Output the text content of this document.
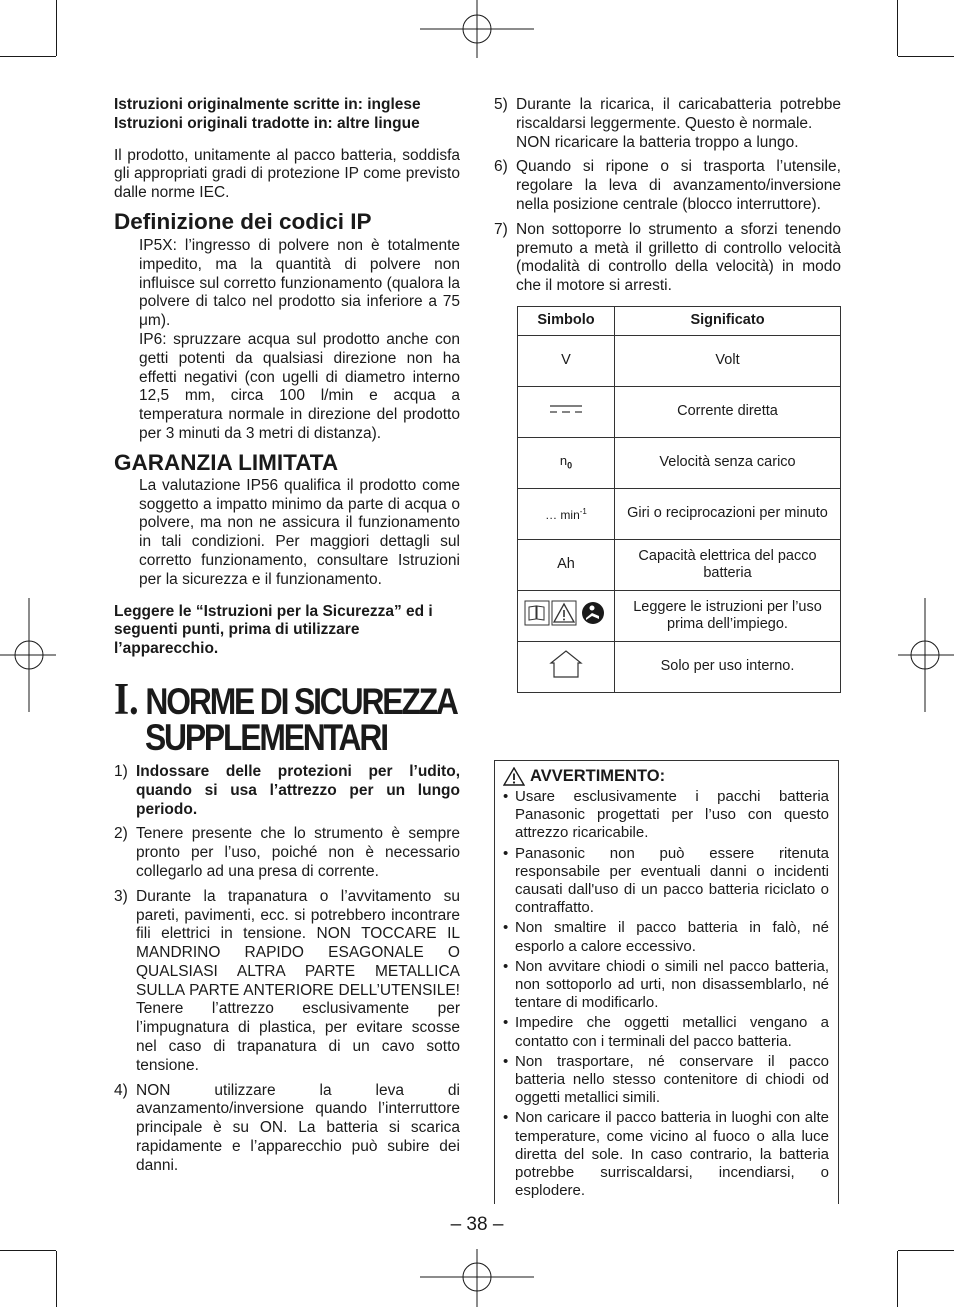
Istruzioni originalmente scritte in: inglese

Istruzioni originali tradotte in: altre lingue

Il prodotto, unitamente al pacco batteria, soddisfa gli appropriati gradi di protezione IP come previsto dalle norme IEC.

Definizione dei codici IP

IP5X: l’ingresso di polvere non è totalmente impedito, ma la quantità di polvere non influisce sul corretto funzionamento (qualora la polvere di talco nel prodotto sia inferiore a 75 μm).

IP6: spruzzare acqua sul prodotto anche con getti potenti da qualsiasi direzione non ha effetti negativi (con ugelli di diametro interno 12,5 mm, circa 100 l/min e acqua a temperatura normale in direzione del prodotto per 3 minuti da 3 metri di distanza).

GARANZIA LIMITATA

La valutazione IP56 qualifica il prodotto come soggetto a impatto minimo da parte di acqua o polvere, ma non ne assicura il funzionamento in tali condizioni. Per maggiori dettagli sul corretto funzionamento, consultare Istruzioni per la sicurezza e il funzionamento.

Leggere le “Istruzioni per la Sicurezza” ed i seguenti punti, prima di utilizzare l’apparecchio.

I. NORME DI SICUREZZA
SUPPLEMENTARI
1) Indossare delle protezioni per l’udito, quando si usa l’attrezzo per un lungo periodo.
2) Tenere presente che lo strumento è sempre pronto per l’uso, poiché non è necessario collegarlo ad una presa di corrente.
3) Durante la trapanatura o l’avvitamento su pareti, pavimenti, ecc. si potrebbero incontrare fili elettrici in tensione. NON TOCCARE IL MANDRINO RAPIDO ESAGONALE O QUALSIASI ALTRA PARTE METALLICA SULLA PARTE ANTERIORE DELL’UTENSILE! Tenere l’attrezzo esclusivamente per l’impugnatura di plastica, per evitare scosse nel caso di trapanatura di un cavo sotto tensione.
4) NON utilizzare la leva di avanzamento/inversione quando l’interruttore principale è su ON. La batteria si scarica rapidamente e l’apparecchio può subire dei danni.
5) Durante la ricarica, il caricabatteria potrebbe riscaldarsi leggermente. Questo è normale.

NON ricaricare la batteria troppo a lungo.
6) Quando si ripone o si trasporta l’utensile, regolare la leva di avanzamento/inversione nella posizione centrale (blocco interruttore).
7) Non sottoporre lo strumento a sforzi tenendo premuto a metà il grilletto di controllo velocità (modalità di controllo della velocità) in modo che il motore si arresti.
Simbolo	Significato
V	Volt
	Corrente diretta
$n_0$	Velocità senza carico
… $\min^{-1}$	Giri o reciprocazioni per minuto
Ah	Capacità elettrica del pacco batteria
	Leggere le istruzioni per l’uso prima dell’impiego.
	Solo per uso interno.
AVVERTIMENTO:
• Usare esclusivamente i pacchi batteria Panasonic progettati per l’uso con questo attrezzo ricaricabile.
• Panasonic non può essere ritenuta responsabile per eventuali danni o incidenti causati dall'uso di un pacco batteria riciclato o contraffatto.
• Non smaltire il pacco batteria in falò, né esporlo a calore eccessivo.
• Non avvitare chiodi o simili nel pacco batteria, non sottoporlo ad urti, non disassemblarlo, né tentare di modificarlo.
• Impedire che oggetti metallici vengano a contatto con i terminali del pacco batteria.
• Non trasportare, né conservare il pacco batteria nello stesso contenitore di chiodi od oggetti metallici simili.
• Non caricare il pacco batteria in luoghi con alte temperature, come vicino al fuoco o alla luce diretta del sole. In caso contrario, la batteria potrebbe surriscaldarsi, incendiarsi, o esplodere.
– 38 –
